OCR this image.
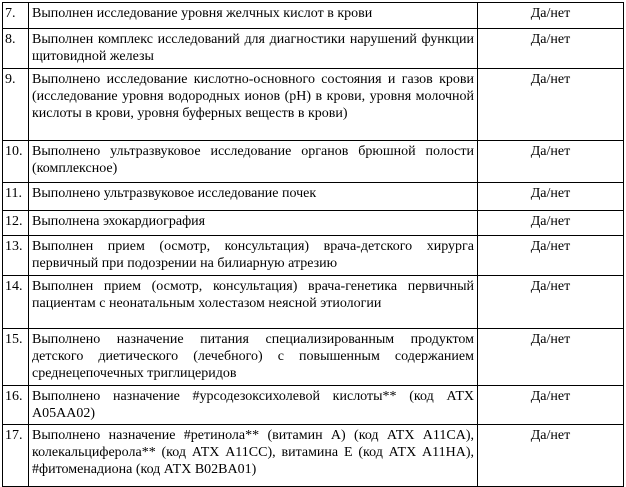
7.	Выполнен исследование уровня желчных кислот в крови	Да/нет
8.	Выполнен комплекс исследований для диагностики нарушений функции щитовидной железы	Да/нет
9.	Выполнено исследование кислотно-основного состояния и газов крови (исследование уровня водородных ионов (pH) в крови, уровня молочной кислоты в крови, уровня буферных веществ в крови)	Да/нет
10.	Выполнено ультразвуковое исследование органов брюшной полости (комплексное)	Да/нет
11.	Выполнено ультразвуковое исследование почек	Да/нет
12.	Выполнена эхокардиография	Да/нет
13.	Выполнен прием (осмотр, консультация) врача-детского хирурга первичный при подозрении на билиарную атрезию	Да/нет
14.	Выполнен прием (осмотр, консультация) врача-генетика первичный пациентам с неонатальным холестазом неясной этиологии	Да/нет
15.	Выполнено назначение питания специализированным продуктом детского диетического (лечебного) с повышенным содержанием среднецепочечных триглицеридов	Да/нет
16.	Выполнено назначение #урсодезоксихолевой кислоты** (код АТХ A05AA02)	Да/нет
17.	Выполнено назначение #ретинола** (витамин А) (код АТХ A11CA), колекальциферола** (код АТХ A11CC), витамина Е (код АТХ A11HA), #фитоменадиона (код АТХ B02BA01)	Да/нет
